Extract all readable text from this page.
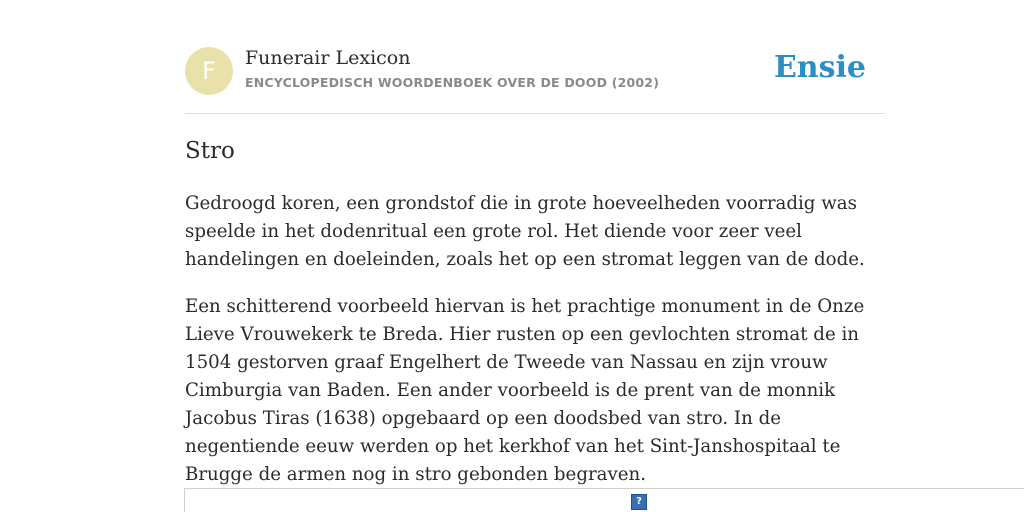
F	Funerair Lexicon
ENCYCLOPEDISCH WOORDENBOEK OVER DE DOOD (2002)	Ensie
Stro

Gedroogd koren, een grondstof die in grote hoeveelheden voorradig was speelde in het dodenritual een grote rol. Het diende voor zeer veel handelingen en doeleinden, zoals het op een stromat leggen van de dode.

Een schitterend voorbeeld hiervan is het prachtige monument in de Onze Lieve Vrouwekerk te Breda. Hier rusten op een gevlochten stromat de in 1504 gestorven graaf Engelhert de Tweede van Nassau en zijn vrouw Cimburgia van Baden. Een ander voorbeeld is de prent van de monnik Jacobus Tiras (1638) opgebaard op een doodsbed van stro. In de negentiende eeuw werden op het kerkhof van het Sint-Janshospitaal te Brugge de armen nog in stro gebonden begraven.

?
